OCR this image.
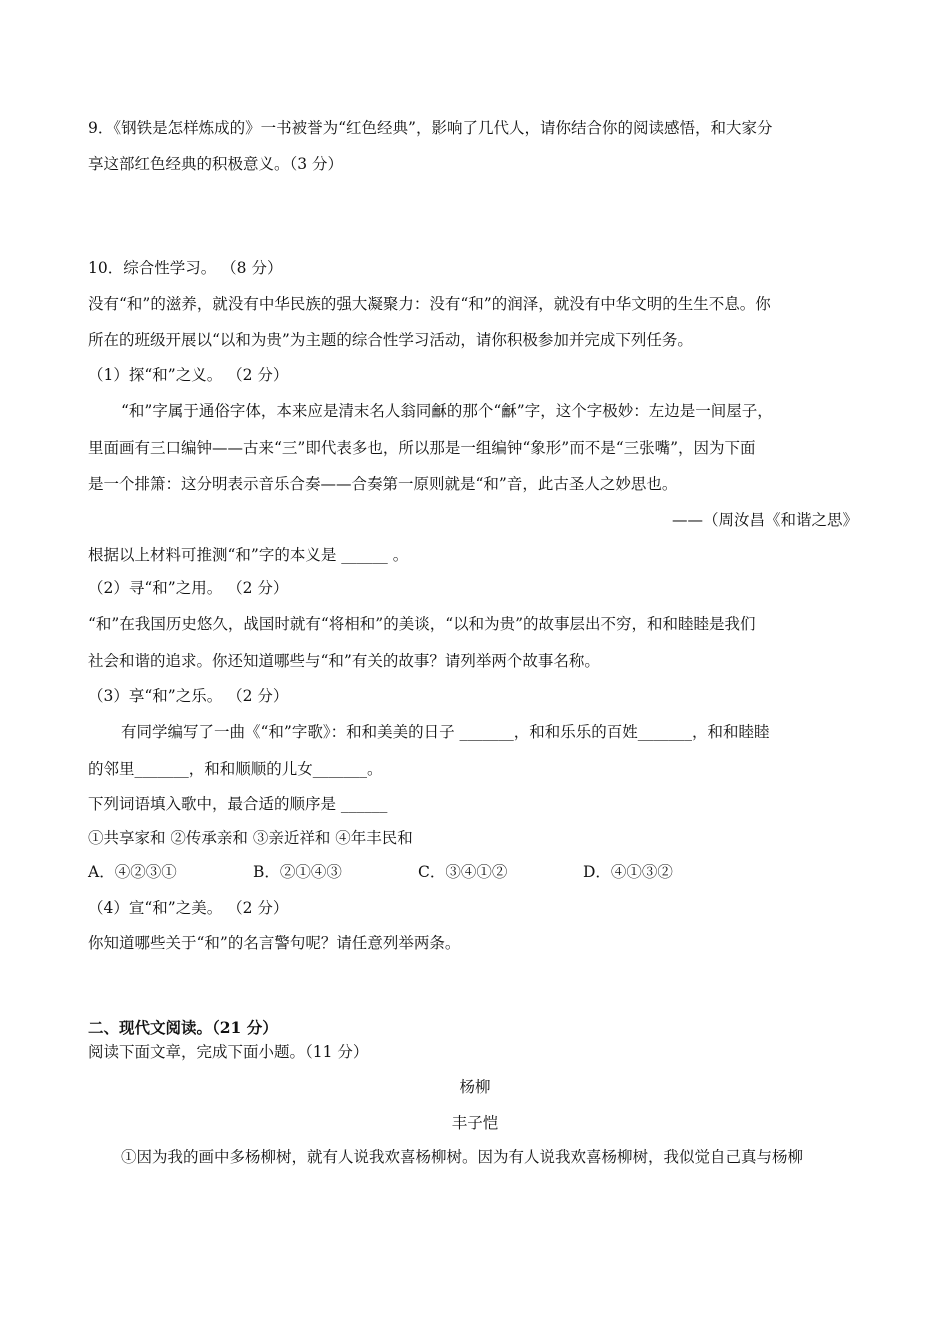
9．《钢铁是怎样炼成的》一书被誉为“红色经典”，影响了几代人，请你结合你的阅读感悟，和大家分
享这部红色经典的积极意义。（3 分）
10．综合性学习。 （8 分）
没有“和”的滋养，就没有中华民族的强大凝聚力：没有“和”的润泽，就没有中华文明的生生不息。你
所在的班级开展以“以和为贵”为主题的综合性学习活动，请你积极参加并完成下列任务。
（1）探“和”之义。 （2 分）
“和”字属于通俗字体，本来应是清末名人翁同龢的那个“龢”字，这个字极妙：左边是一间屋子，
里面画有三口编钟——古来“三”即代表多也，所以那是一组编钟“象形”而不是“三张嘴”，因为下面
是一个排箫：这分明表示音乐合奏——合奏第一原则就是“和”音，此古圣人之妙思也。
——（周汝昌《和谐之思》
根据以上材料可推测“和”字的本义是 ______ 。
（2）寻“和”之用。 （2 分）
“和”在我国历史悠久，战国时就有“将相和”的美谈，“以和为贵”的故事层出不穷，和和睦睦是我们
社会和谐的追求。你还知道哪些与“和”有关的故事？请列举两个故事名称。
（3）享“和”之乐。 （2 分）
有同学编写了一曲《“和”字歌》：和和美美的日子 _______，和和乐乐的百姓_______，和和睦睦
的邻里_______，和和顺顺的儿女_______。
下列词语填入歌中，最合适的顺序是 ______
①共享家和 ②传承亲和 ③亲近祥和 ④年丰民和
A．④②③①	B．②①④③	C．③④①②	D．④①③②
（4）宣“和”之美。 （2 分）
你知道哪些关于“和”的名言警句呢？请任意列举两条。
二、现代文阅读。（21 分）
阅读下面文章，完成下面小题。（11 分）
杨柳
丰子恺
①因为我的画中多杨柳树，就有人说我欢喜杨柳树。因为有人说我欢喜杨柳树，我似觉自己真与杨柳
